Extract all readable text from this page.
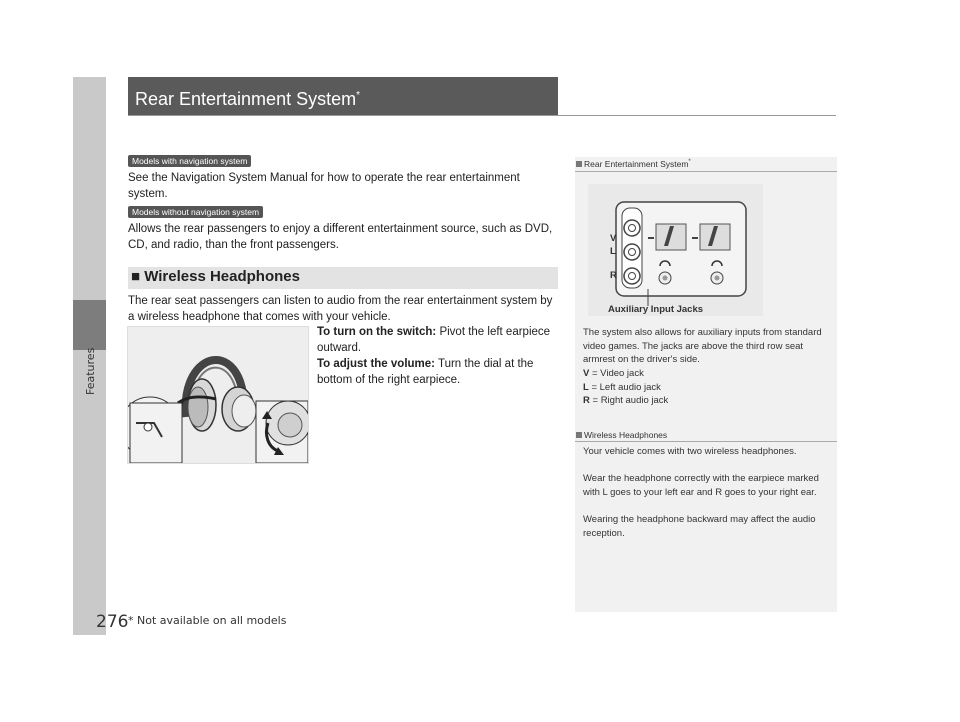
Features
Rear Entertainment System*
Models with navigation system
See the Navigation System Manual for how to operate the rear entertainment system.
Models without navigation system
Allows the rear passengers to enjoy a different entertainment source, such as DVD, CD, and radio, than the front passengers.
■ Wireless Headphones
The rear seat passengers can listen to audio from the rear entertainment system by a wireless headphone that comes with your vehicle.
To turn on the switch: Pivot the left earpiece outward.
To adjust the volume: Turn the dial at the bottom of the right earpiece.
Rear Entertainment System*
V
L
R
Auxiliary Input Jacks
The system also allows for auxiliary inputs from standard video games. The jacks are above the third row seat armrest on the driver's side.
V = Video jack
L = Left audio jack
R = Right audio jack
Wireless Headphones
Your vehicle comes with two wireless headphones.
Wear the headphone correctly with the earpiece marked with L goes to your left ear and R goes to your right ear.
Wearing the headphone backward may affect the audio reception.
276 * Not available on all models
